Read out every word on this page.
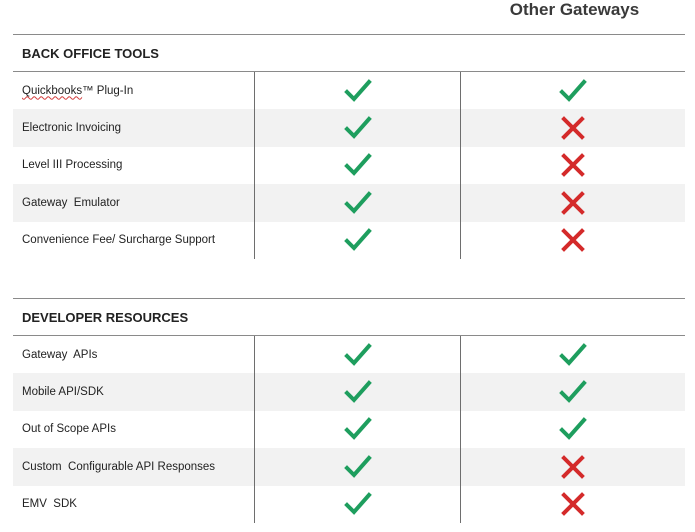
Other Gateways
BACK OFFICE TOOLS
Quickbooks ™ Plug-In
Electronic Invoicing
Level III Processing
Gateway  Emulator
Convenience Fee/ Surcharge Support
DEVELOPER RESOURCES
Gateway  APIs
Mobile API/SDK
Out of Scope APIs
Custom  Configurable API Responses
EMV  SDK
